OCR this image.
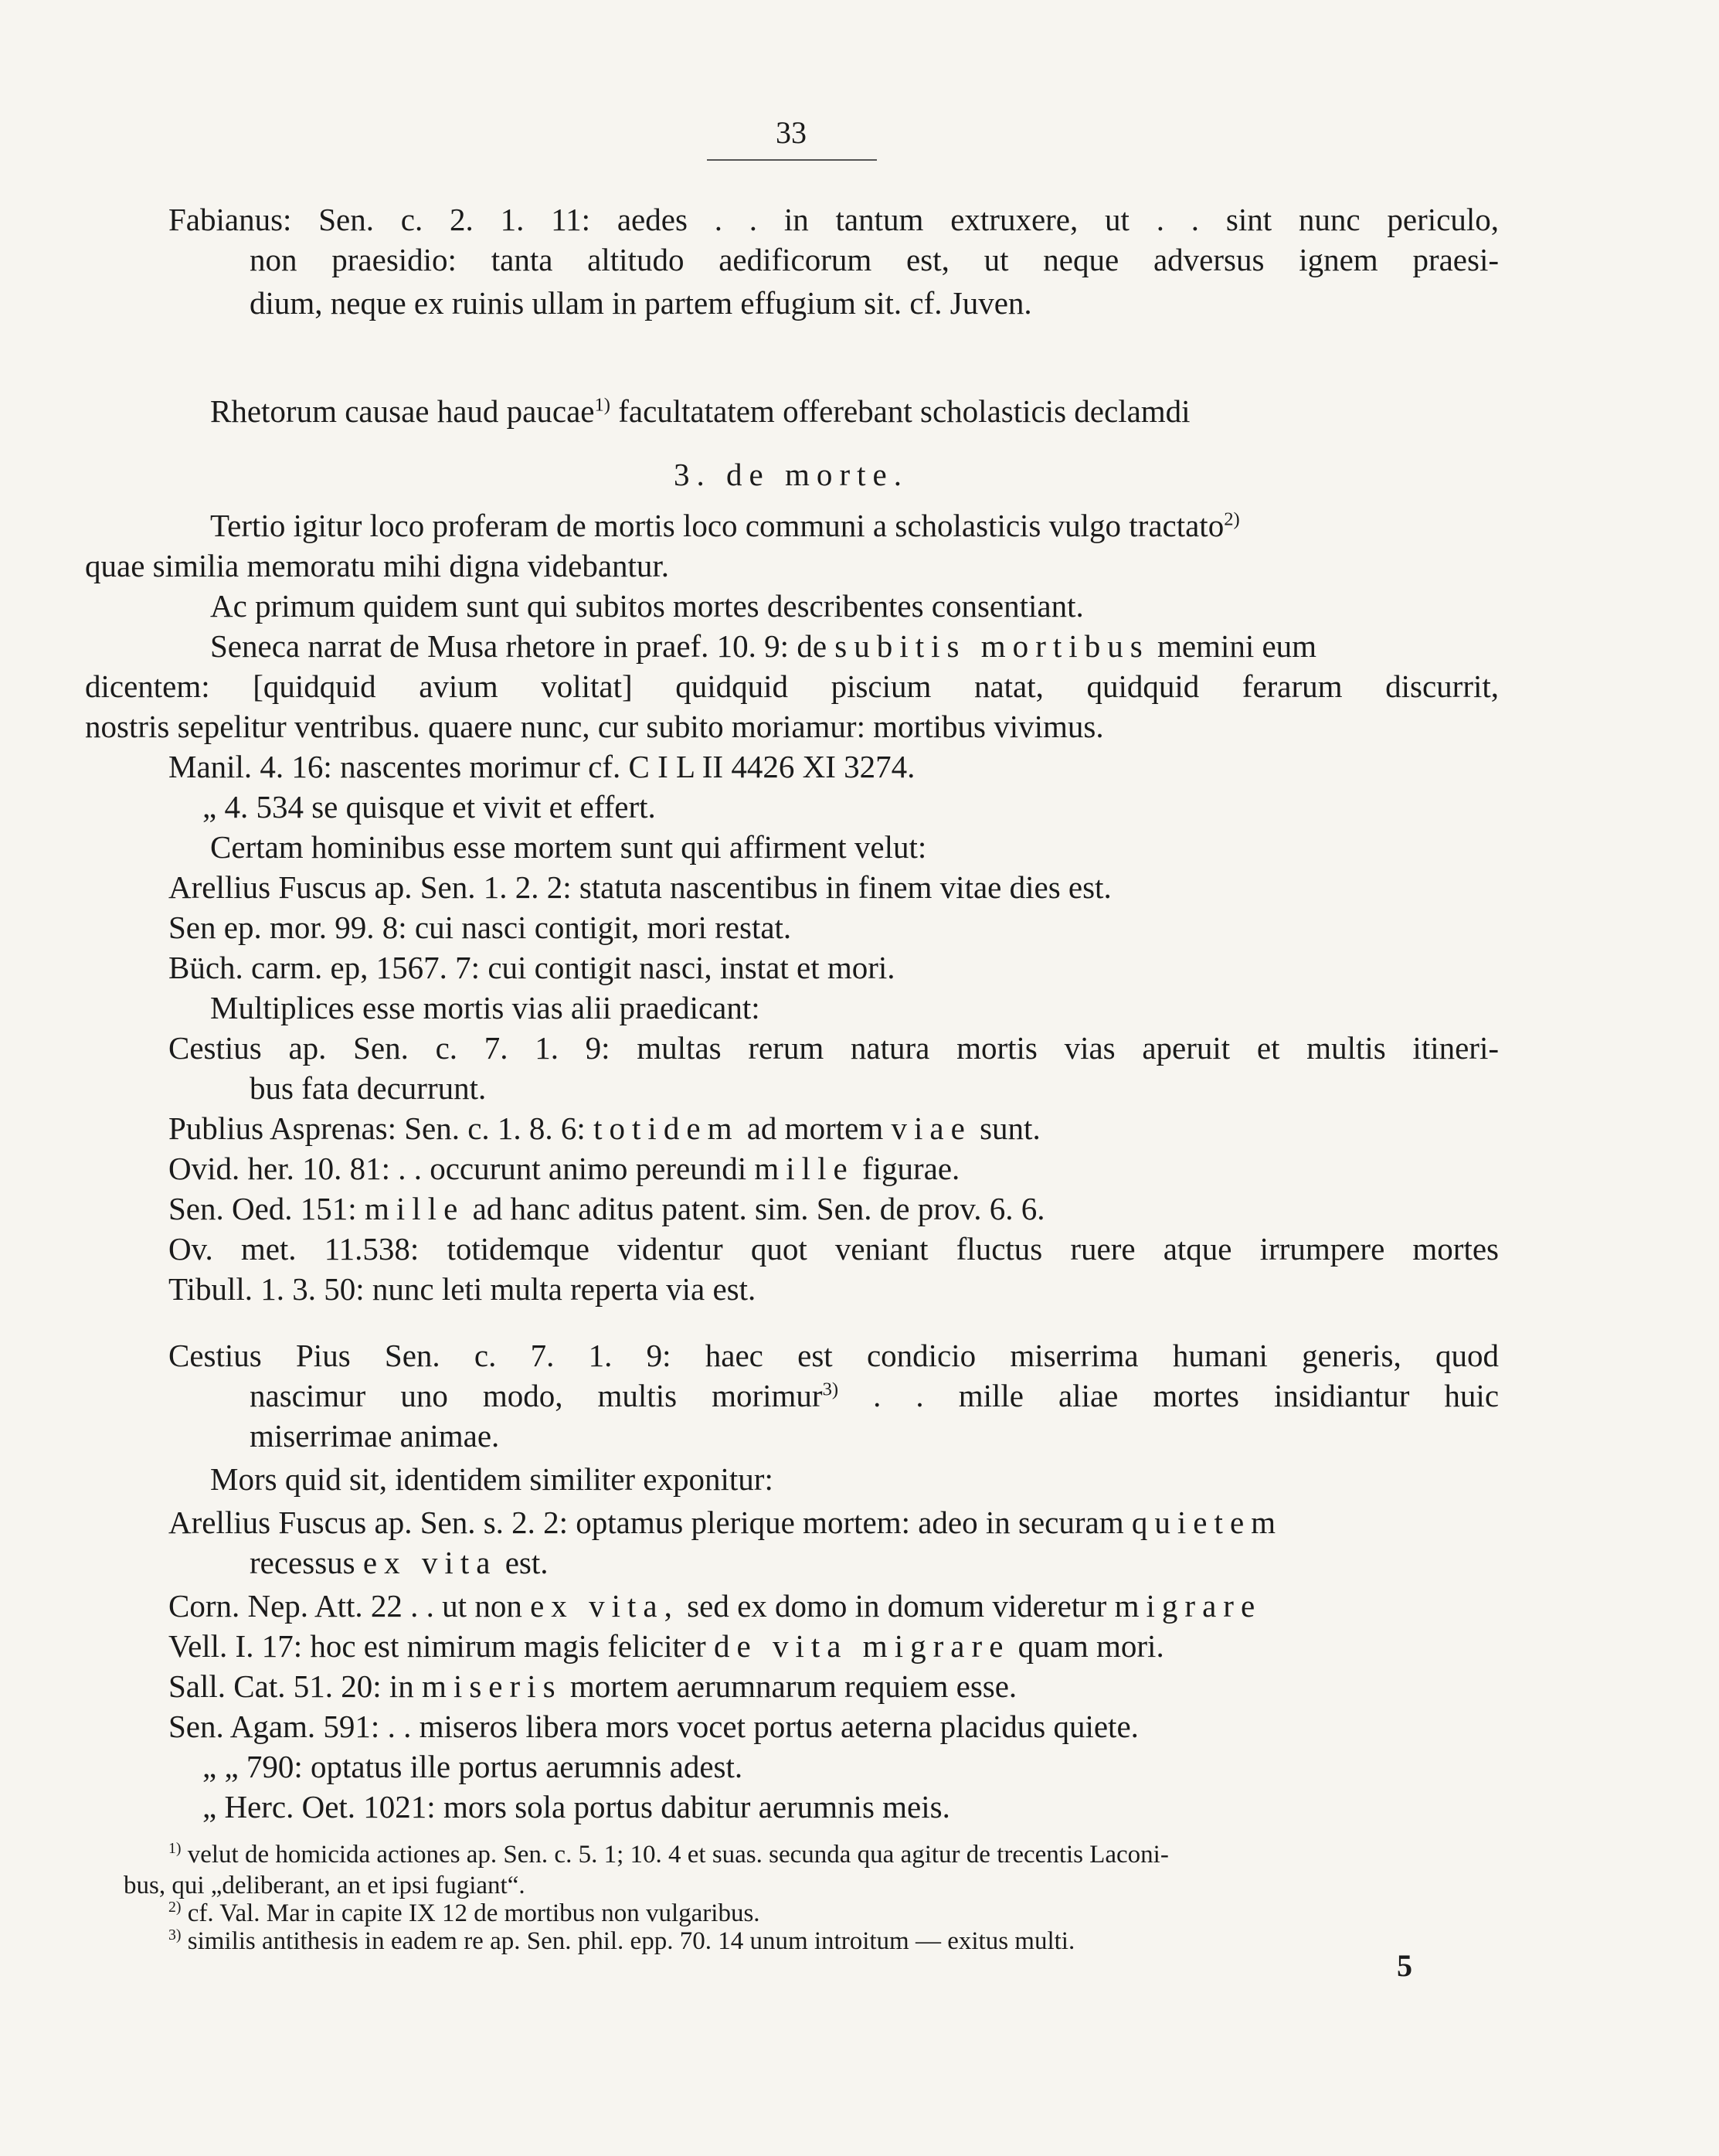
33
Fabianus: Sen. c. 2. 1. 11: aedes . . in tantum extruxere, ut . . sint nunc periculo,
non praesidio: tanta altitudo aedificorum est, ut neque adversus ignem praesi-
dium, neque ex ruinis ullam in partem effugium sit. cf. Juven.
Rhetorum causae haud paucae$^{1)}$ facultatatem offerebant scholasticis declamdi
3. de morte.
Tertio igitur loco proferam de mortis loco communi a scholasticis vulgo tractato$^{2)}$
quae similia memoratu mihi digna videbantur.
Ac primum quidem sunt qui subitos mortes describentes consentiant.
Seneca narrat de Musa rhetore in praef. 10. 9: de subitis mortibus memini eum
dicentem: [quidquid avium volitat] quidquid piscium natat, quidquid ferarum discurrit,
nostris sepelitur ventribus. quaere nunc, cur subito moriamur: mortibus vivimus.
Manil. 4. 16: nascentes morimur cf. C I L II 4426 XI 3274.
„ 4. 534 se quisque et vivit et effert.
Certam hominibus esse mortem sunt qui affirment velut:
Arellius Fuscus ap. Sen. 1. 2. 2: statuta nascentibus in finem vitae dies est.
Sen ep. mor. 99. 8: cui nasci contigit, mori restat.
Büch. carm. ep, 1567. 7: cui contigit nasci, instat et mori.
Multiplices esse mortis vias alii praedicant:
Cestius ap. Sen. c. 7. 1. 9: multas rerum natura mortis vias aperuit et multis itineri-
bus fata decurrunt.
Publius Asprenas: Sen. c. 1. 8. 6: totidem ad mortem viae sunt.
Ovid. her. 10. 81: . . occurunt animo pereundi mille figurae.
Sen. Oed. 151: mille ad hanc aditus patent. sim. Sen. de prov. 6. 6.
Ov. met. 11.538: totidemque videntur quot veniant fluctus ruere atque irrumpere mortes
Tibull. 1. 3. 50: nunc leti multa reperta via est.
Cestius Pius Sen. c. 7. 1. 9: haec est condicio miserrima humani generis, quod
nascimur uno modo, multis morimur$^{3)}$ . . mille aliae mortes insidiantur huic
miserrimae animae.
Mors quid sit, identidem similiter exponitur:
Arellius Fuscus ap. Sen. s. 2. 2: optamus plerique mortem: adeo in securam quietem
recessus ex vita est.
Corn. Nep. Att. 22 . . ut non ex vita, sed ex domo in domum videretur migrare
Vell. I. 17: hoc est nimirum magis feliciter de vita migrare quam mori.
Sall. Cat. 51. 20: in miseris mortem aerumnarum requiem esse.
Sen. Agam. 591: . . miseros libera mors vocet portus aeterna placidus quiete.
„ „ 790: optatus ille portus aerumnis adest.
„ Herc. Oet. 1021: mors sola portus dabitur aerumnis meis.
$^{1)}$ velut de homicida actiones ap. Sen. c. 5. 1; 10. 4 et suas. secunda qua agitur de trecentis Laconi-
bus, qui „deliberant, an et ipsi fugiant“.
$^{2)}$ cf. Val. Mar in capite IX 12 de mortibus non vulgaribus.
$^{3)}$ similis antithesis in eadem re ap. Sen. phil. epp. 70. 14 unum introitum — exitus multi.
5
